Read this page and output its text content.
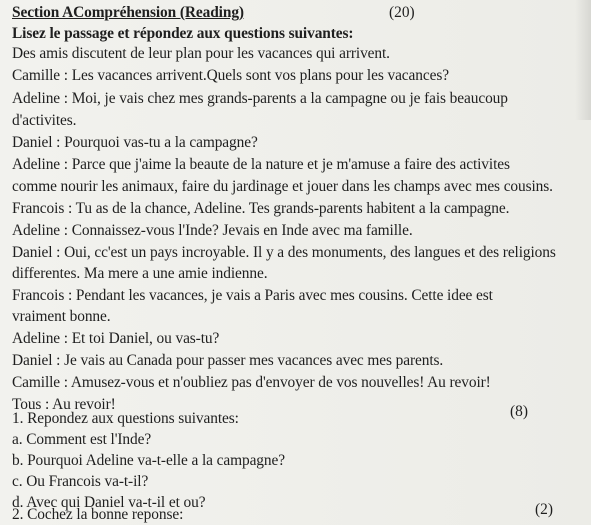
Section ACompréhension (Reading)	(20)
Lisez le passage et répondez aux questions suivantes:
Des amis discutent de leur plan pour les vacances qui arrivent.
Camille : Les vacances arrivent.Quels sont vos plans pour les vacances?
Adeline : Moi, je vais chez mes grands-parents a la campagne ou je fais beaucoup
d'activites.
Daniel : Pourquoi vas-tu a la campagne?
Adeline : Parce que j'aime la beaute de la nature et je m'amuse a faire des activites
comme nourir les animaux, faire du jardinage et jouer dans les champs avec mes cousins.
Francois : Tu as de la chance, Adeline. Tes grands-parents habitent a la campagne.
Adeline : Connaissez-vous l'Inde? Jevais en Inde avec ma famille.
Daniel : Oui, cc'est un pays incroyable. Il y a des monuments, des langues et des religions
differentes. Ma mere a une amie indienne.
Francois : Pendant les vacances, je vais a Paris avec mes cousins. Cette idee est
vraiment bonne.
Adeline : Et toi Daniel, ou vas-tu?
Daniel : Je vais au Canada pour passer mes vacances avec mes parents.
Camille : Amusez-vous et n'oubliez pas d'envoyer de vos nouvelles! Au revoir!
Tous : Au revoir!
1. Repondez aux questions suivantes:	(8)
a. Comment est l'Inde?
b. Pourquoi Adeline va-t-elle a la campagne?
c. Ou Francois va-t-il?
d. Avec qui Daniel va-t-il et ou?
2. Cochez la bonne reponse:	(2)
